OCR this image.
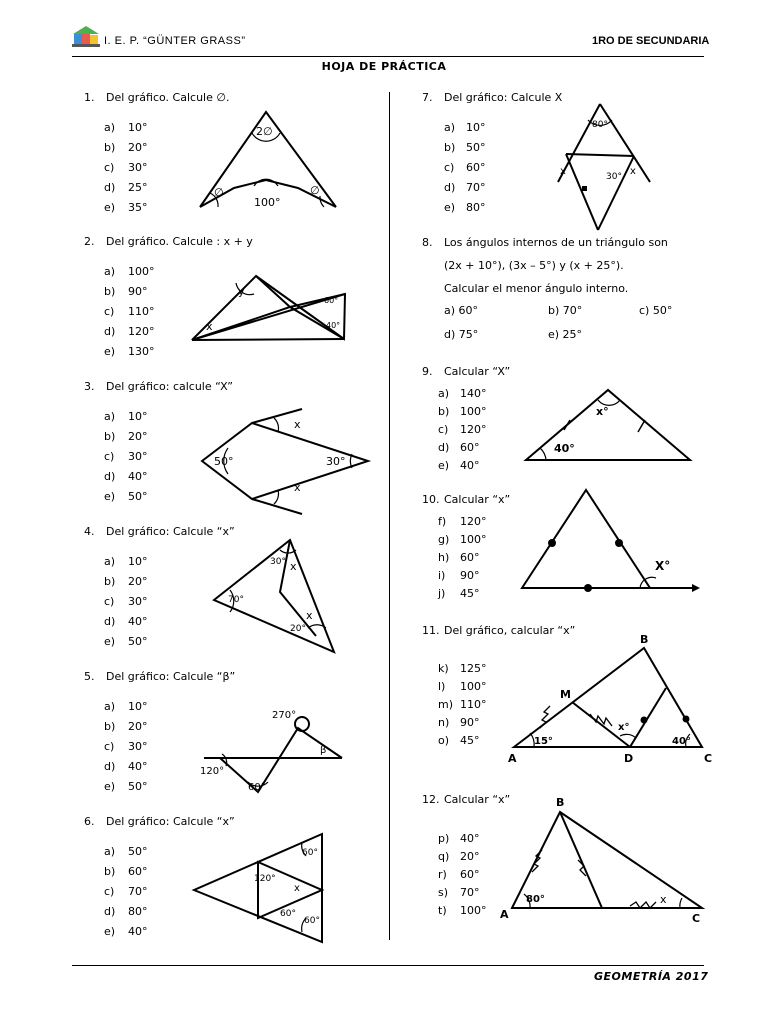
I. E. P. “GÜNTER GRASS”	1RO DE SECUNDARIA
HOJA DE PRÁCTICA
GEOMETRÍA 2017
1. Del gráfico. Calcule ∅.
a) 10°
b) 20°
c) 30°
d) 25°
e) 35°
2. Del gráfico. Calcule : x + y
a) 100°
b) 90°
c) 110°
d) 120°
e) 130°
3. Del gráfico: calcule “X”
a) 10°
b) 20°
c) 30°
d) 40°
e) 50°
4. Del gráfico: Calcule “x”
a) 10°
b) 20°
c) 30°
d) 40°
e) 50°
5. Del gráfico: Calcule “β”
a) 10°
b) 20°
c) 30°
d) 40°
e) 50°
6. Del gráfico: Calcule “x”
a) 50°
b) 60°
c) 70°
d) 80°
e) 40°
7. Del gráfico: Calcule X
a) 10°
b) 50°
c) 60°
d) 70°
e) 80°
8. Los ángulos internos de un triángulo son
(2x + 10°), (3x – 5°) y (x + 25°).
Calcular el menor ángulo interno.
a) 60°	b) 70°	c) 50°
d) 75°	e) 25°
9. Calcular “X”
a) 140°
b) 100°
c) 120°
d) 60°
e) 40°
10. Calcular “x”
f) 120°
g) 100°
h) 60°
i) 90°
j) 45°
11. Del gráfico, calcular “x”
k) 125°
l) 100°
m) 110°
n) 90°
o) 45°
12. Calcular “x”
p) 40°
q) 20°
r) 60°
s) 70°
t) 100°
2∅
∅	∅
100°
y
x
60°
40°
50°	30°
x
x
70°
30°
20°
x
x
270°
120°
60°
β
60°
120°
x
60°
60°
80°
30°
x	x
x°
40°
X°
B
M
A	D	C
15°	40°
x°
B
A	C
80°	x
